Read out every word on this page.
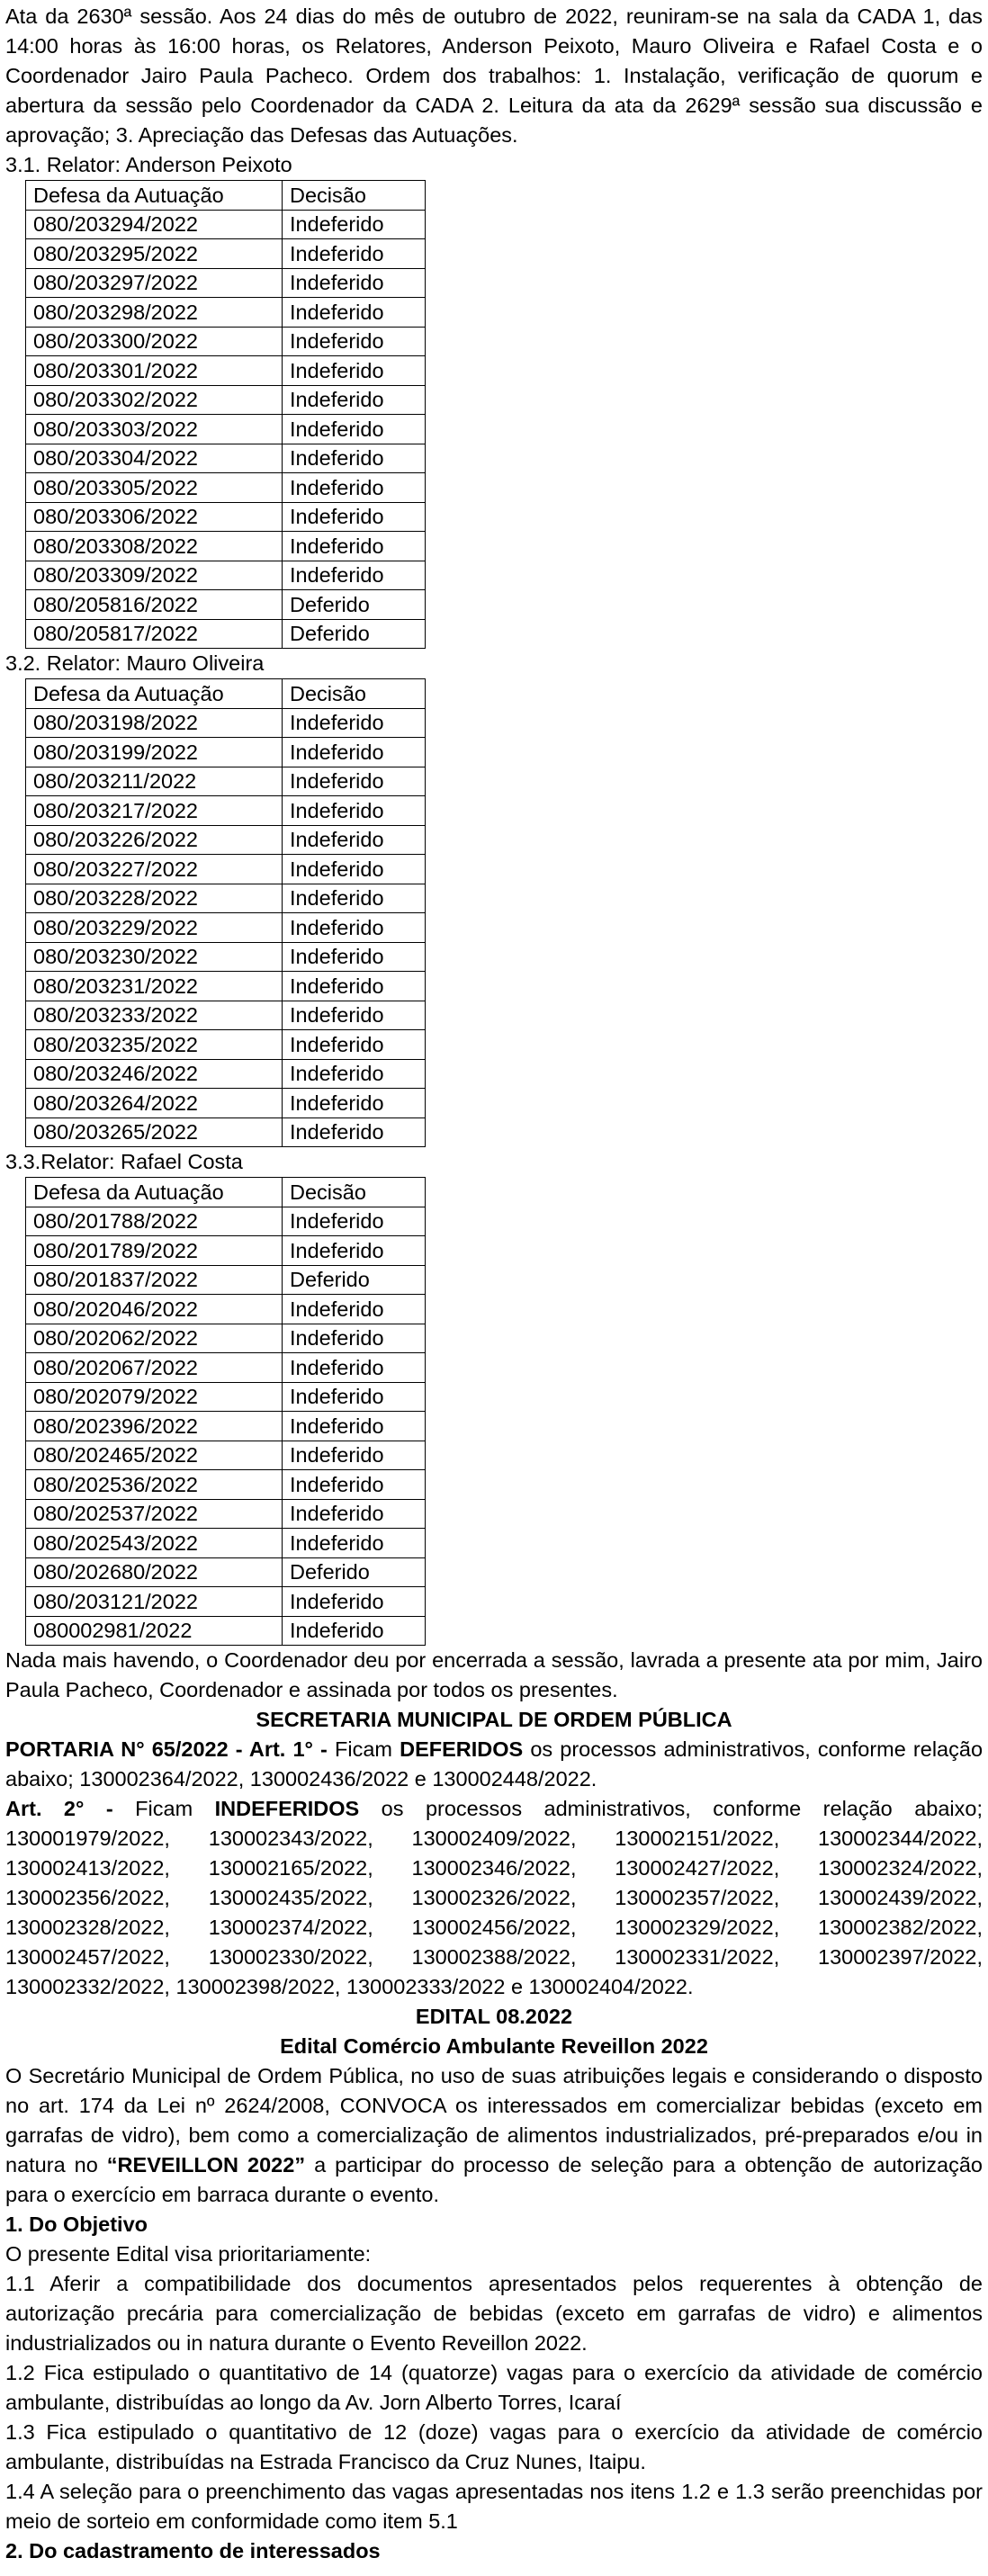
Ata da 2630ª sessão. Aos 24 dias do mês de outubro de 2022, reuniram-se na sala da CADA 1, das 14:00 horas às 16:00 horas, os Relatores, Anderson Peixoto, Mauro Oliveira e Rafael Costa e o Coordenador Jairo Paula Pacheco. Ordem dos trabalhos: 1. Instalação, verificação de quorum e abertura da sessão pelo Coordenador da CADA 2. Leitura da ata da 2629ª sessão sua discussão e aprovação; 3. Apreciação das Defesas das Autuações.

3.1. Relator: Anderson Peixoto

Defesa da Autuação	Decisão
080/203294/2022	Indeferido
080/203295/2022	Indeferido
080/203297/2022	Indeferido
080/203298/2022	Indeferido
080/203300/2022	Indeferido
080/203301/2022	Indeferido
080/203302/2022	Indeferido
080/203303/2022	Indeferido
080/203304/2022	Indeferido
080/203305/2022	Indeferido
080/203306/2022	Indeferido
080/203308/2022	Indeferido
080/203309/2022	Indeferido
080/205816/2022	Deferido
080/205817/2022	Deferido

3.2. Relator: Mauro Oliveira

Defesa da Autuação	Decisão
080/203198/2022	Indeferido
080/203199/2022	Indeferido
080/203211/2022	Indeferido
080/203217/2022	Indeferido
080/203226/2022	Indeferido
080/203227/2022	Indeferido
080/203228/2022	Indeferido
080/203229/2022	Indeferido
080/203230/2022	Indeferido
080/203231/2022	Indeferido
080/203233/2022	Indeferido
080/203235/2022	Indeferido
080/203246/2022	Indeferido
080/203264/2022	Indeferido
080/203265/2022	Indeferido

3.3.Relator: Rafael Costa

Defesa da Autuação	Decisão
080/201788/2022	Indeferido
080/201789/2022	Indeferido
080/201837/2022	Deferido
080/202046/2022	Indeferido
080/202062/2022	Indeferido
080/202067/2022	Indeferido
080/202079/2022	Indeferido
080/202396/2022	Indeferido
080/202465/2022	Indeferido
080/202536/2022	Indeferido
080/202537/2022	Indeferido
080/202543/2022	Indeferido
080/202680/2022	Deferido
080/203121/2022	Indeferido
080002981/2022	Indeferido

Nada mais havendo, o Coordenador deu por encerrada a sessão, lavrada a presente ata por mim, Jairo Paula Pacheco, Coordenador e assinada por todos os presentes.

SECRETARIA MUNICIPAL DE ORDEM PÚBLICA

PORTARIA N° 65/2022 - Art. 1° - Ficam DEFERIDOS os processos administrativos, conforme relação abaixo; 130002364/2022, 130002436/2022 e 130002448/2022.

Art. 2° - Ficam INDEFERIDOS os processos administrativos, conforme relação abaixo; 130001979/2022, 130002343/2022, 130002409/2022, 130002151/2022, 130002344/2022, 130002413/2022, 130002165/2022, 130002346/2022, 130002427/2022, 130002324/2022, 130002356/2022, 130002435/2022, 130002326/2022, 130002357/2022, 130002439/2022, 130002328/2022, 130002374/2022, 130002456/2022, 130002329/2022, 130002382/2022, 130002457/2022, 130002330/2022, 130002388/2022, 130002331/2022, 130002397/2022, 130002332/2022, 130002398/2022, 130002333/2022 e 130002404/2022.

EDITAL 08.2022

Edital Comércio Ambulante Reveillon 2022

O Secretário Municipal de Ordem Pública, no uso de suas atribuições legais e considerando o disposto no art. 174 da Lei nº 2624/2008, CONVOCA os interessados em comercializar bebidas (exceto em garrafas de vidro), bem como a comercialização de alimentos industrializados, pré-preparados e/ou in natura no “REVEILLON 2022” a participar do processo de seleção para a obtenção de autorização para o exercício em barraca durante o evento.

1. Do Objetivo

O presente Edital visa prioritariamente:

1.1 Aferir a compatibilidade dos documentos apresentados pelos requerentes à obtenção de autorização precária para comercialização de bebidas (exceto em garrafas de vidro) e alimentos industrializados ou in natura durante o Evento Reveillon 2022.

1.2 Fica estipulado o quantitativo de 14 (quatorze) vagas para o exercício da atividade de comércio ambulante, distribuídas ao longo da Av. Jorn Alberto Torres, Icaraí

1.3 Fica estipulado o quantitativo de 12 (doze) vagas para o exercício da atividade de comércio ambulante, distribuídas na Estrada Francisco da Cruz Nunes, Itaipu.

1.4 A seleção para o preenchimento das vagas apresentadas nos itens 1.2 e 1.3 serão preenchidas por meio de sorteio em conformidade como item 5.1

2. Do cadastramento de interessados
